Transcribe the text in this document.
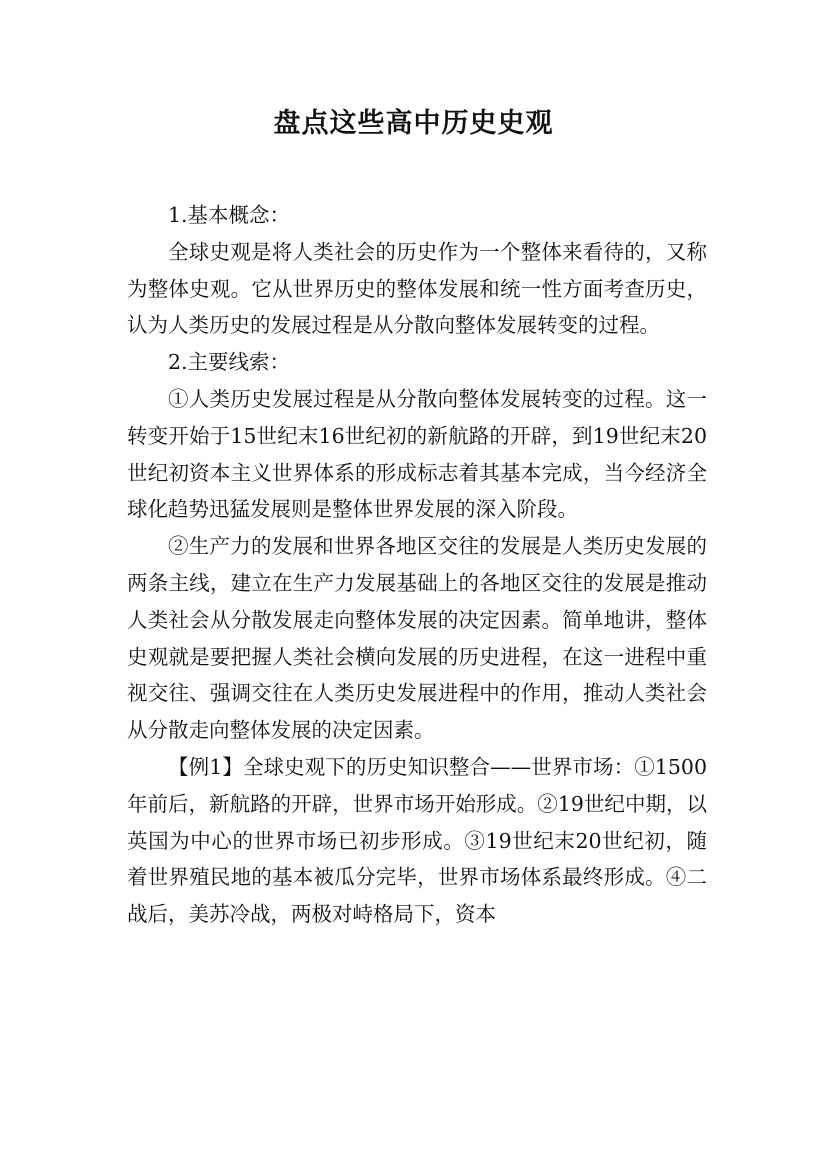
盘点这些高中历史史观

1.基本概念：

全球史观是将人类社会的历史作为一个整体来看待的，又称为整体史观。它从世界历史的整体发展和统一性方面考查历史，认为人类历史的发展过程是从分散向整体发展转变的过程。

2.主要线索：

①人类历史发展过程是从分散向整体发展转变的过程。这一转变开始于15世纪末16世纪初的新航路的开辟，到19世纪末20世纪初资本主义世界体系的形成标志着其基本完成，当今经济全球化趋势迅猛发展则是整体世界发展的深入阶段。

②生产力的发展和世界各地区交往的发展是人类历史发展的两条主线，建立在生产力发展基础上的各地区交往的发展是推动人类社会从分散发展走向整体发展的决定因素。简单地讲，整体史观就是要把握人类社会横向发展的历史进程，在这一进程中重视交往、强调交往在人类历史发展进程中的作用，推动人类社会从分散走向整体发展的决定因素。

【例1】全球史观下的历史知识整合——世界市场：①1500年前后，新航路的开辟，世界市场开始形成。②19世纪中期，以英国为中心的世界市场已初步形成。③19世纪末20世纪初，随着世界殖民地的基本被瓜分完毕，世界市场体系最终形成。④二战后，美苏冷战，两极对峙格局下，资本
